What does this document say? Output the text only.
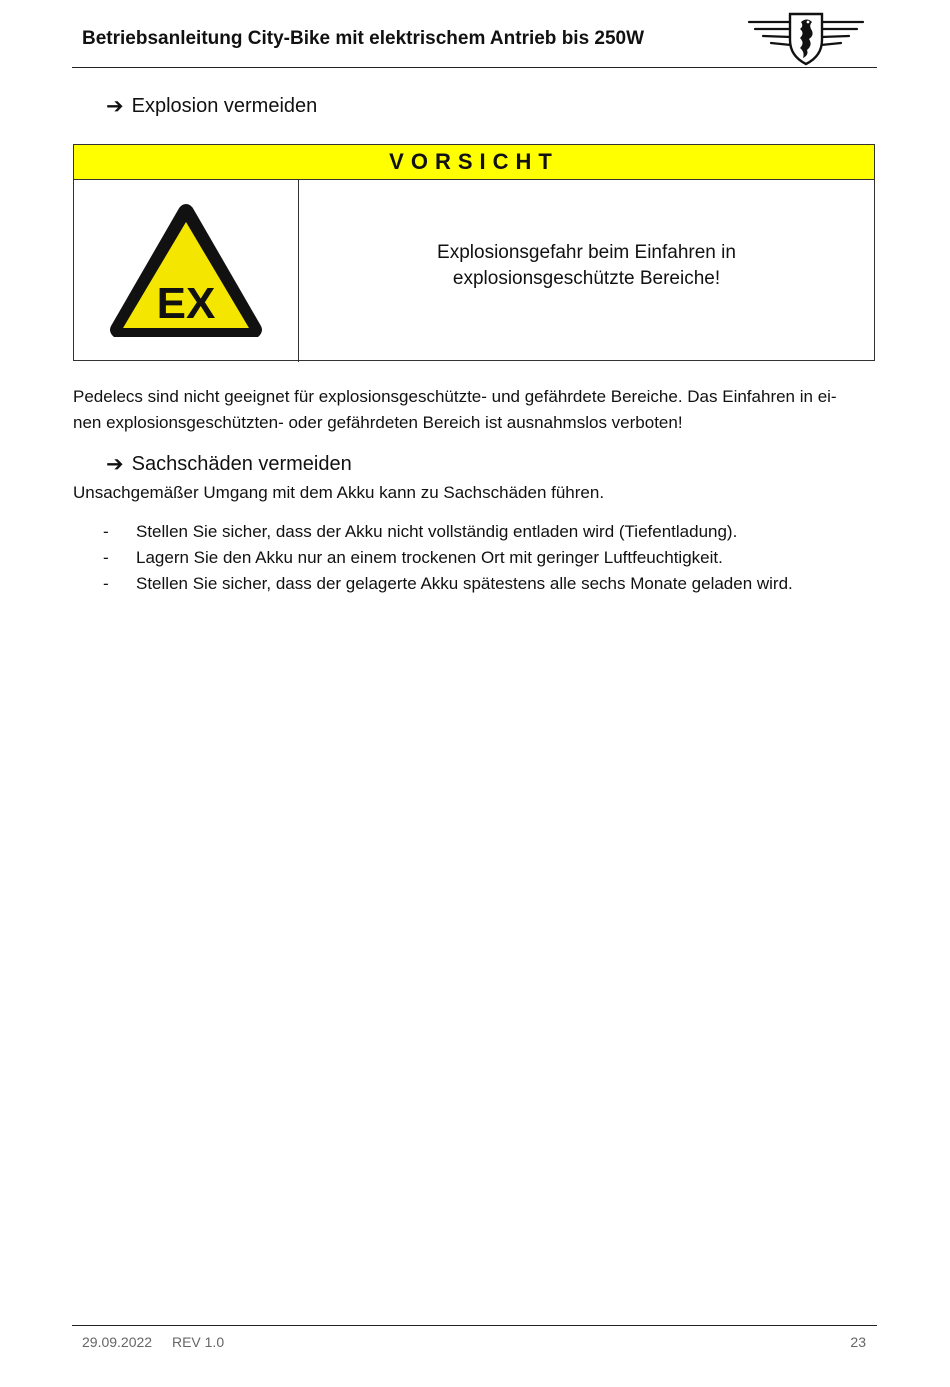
Betriebsanleitung City-Bike mit elektrischem Antrieb bis 250W
➔ Explosion vermeiden
VORSICHT
EX
Explosionsgefahr beim Einfahren in
explosionsgeschützte Bereiche!
Pedelecs sind nicht geeignet für explosionsgeschützte- und gefährdete Bereiche. Das Einfahren in ei-
nen explosionsgeschützten- oder gefährdeten Bereich ist ausnahmslos verboten!
➔ Sachschäden vermeiden
Unsachgemäßer Umgang mit dem Akku kann zu Sachschäden führen.
-	Stellen Sie sicher, dass der Akku nicht vollständig entladen wird (Tiefentladung).
-	Lagern Sie den Akku nur an einem trockenen Ort mit geringer Luftfeuchtigkeit.
-	Stellen Sie sicher, dass der gelagerte Akku spätestens alle sechs Monate geladen wird.
29.09.2022 REV 1.0	23
